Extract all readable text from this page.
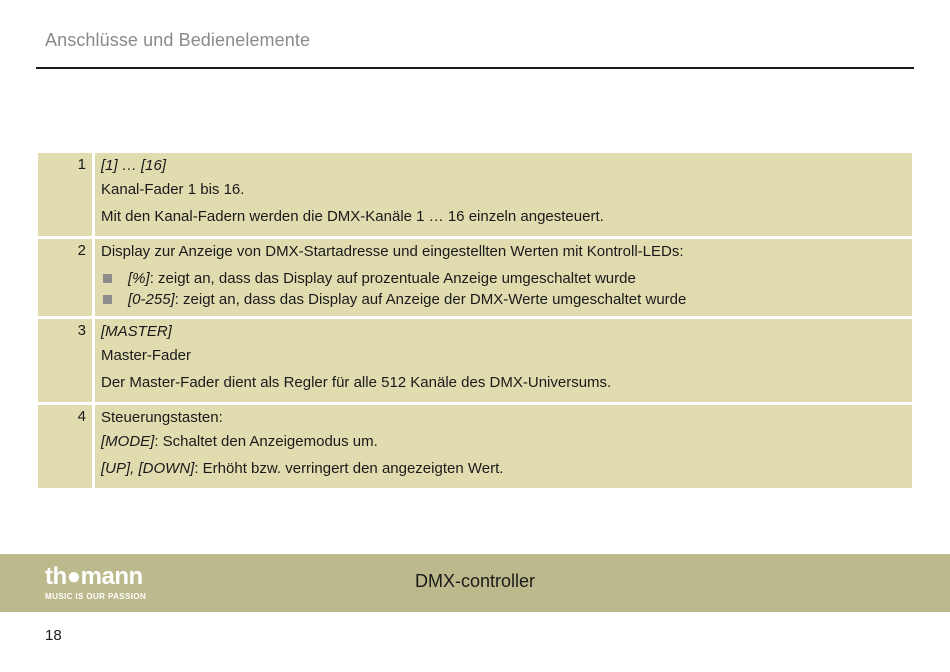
Anschlüsse und Bedienelemente
1	[1] … [16]
Kanal-Fader 1 bis 16.
Mit den Kanal-Fadern werden die DMX-Kanäle 1 … 16 einzeln angesteuert.
2	Display zur Anzeige von DMX-Startadresse und eingestellten Werten mit Kontroll-LEDs:
[%]: zeigt an, dass das Display auf prozentuale Anzeige umgeschaltet wurde
[0-255]: zeigt an, dass das Display auf Anzeige der DMX-Werte umgeschaltet wurde
3	[MASTER]
Master-Fader
Der Master-Fader dient als Regler für alle 512 Kanäle des DMX-Universums.
4	Steuerungstasten:
[MODE]: Schaltet den Anzeigemodus um.
[UP], [DOWN]: Erhöht bzw. verringert den angezeigten Wert.
th●mann
MUSIC IS OUR PASSION
DMX-controller
18
